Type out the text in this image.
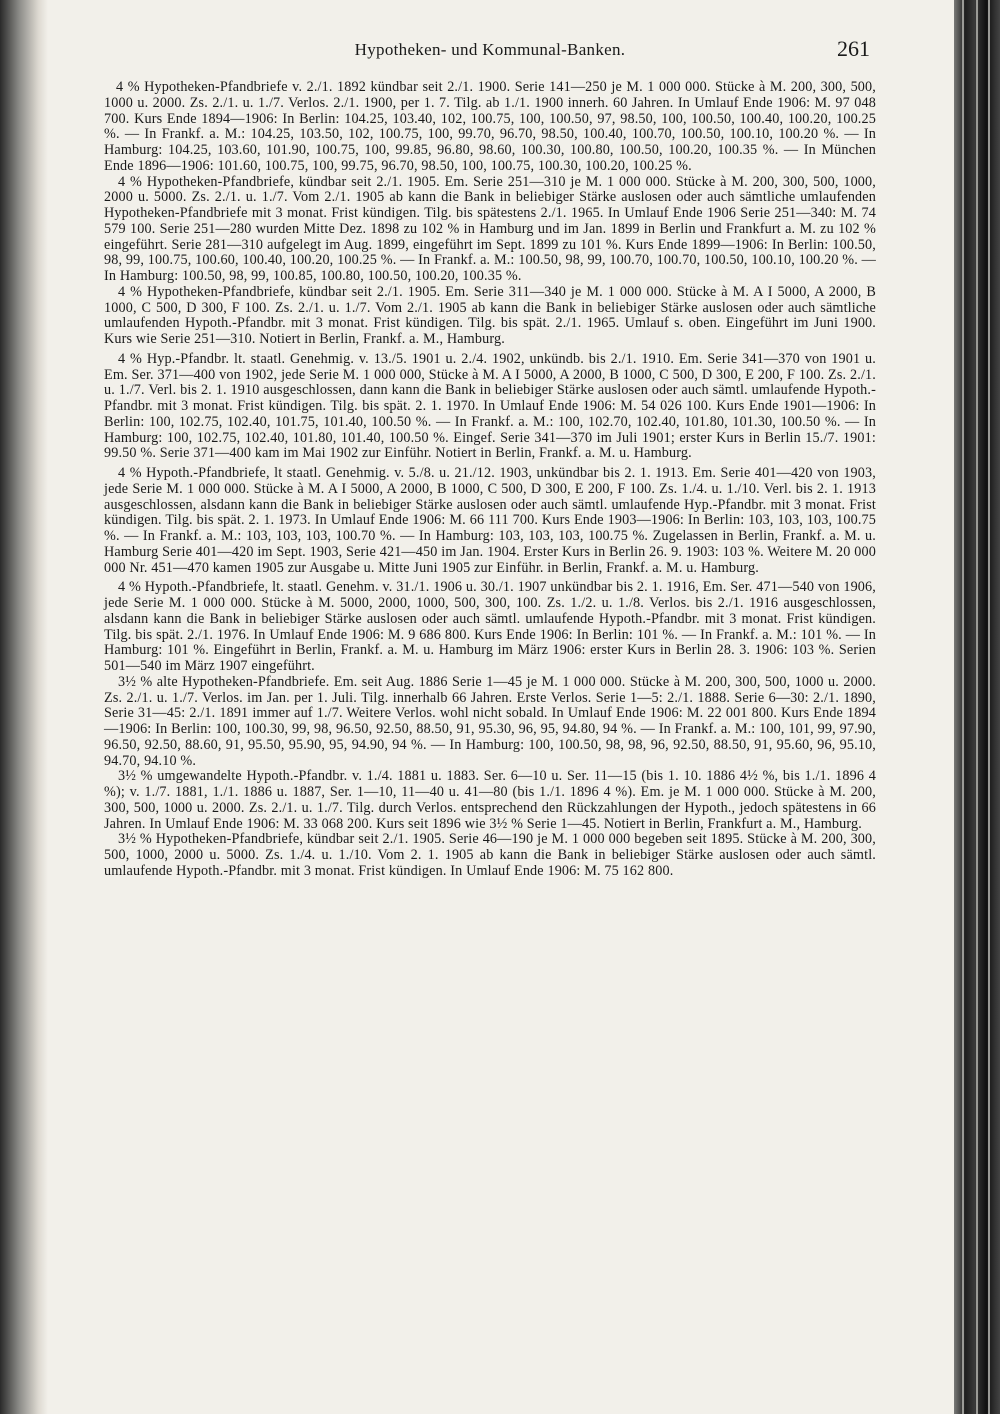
Hypotheken- und Kommunal-Banken.	261

4 % Hypotheken-Pfandbriefe v. 2./1. 1892 kündbar seit 2./1. 1900. Serie 141—250 je M. 1 000 000. Stücke à M. 200, 300, 500, 1000 u. 2000. Zs. 2./1. u. 1./7. Verlos. 2./1. 1900, per 1. 7. Tilg. ab 1./1. 1900 innerh. 60 Jahren. In Umlauf Ende 1906: M. 97 048 700. Kurs Ende 1894—1906: In Berlin: 104.25, 103.40, 102, 100.75, 100, 100.50, 97, 98.50, 100, 100.50, 100.40, 100.20, 100.25 %. — In Frankf. a. M.: 104.25, 103.50, 102, 100.75, 100, 99.70, 96.70, 98.50, 100.40, 100.70, 100.50, 100.10, 100.20 %. — In Hamburg: 104.25, 103.60, 101.90, 100.75, 100, 99.85, 96.80, 98.60, 100.30, 100.80, 100.50, 100.20, 100.35 %. — In München Ende 1896—1906: 101.60, 100.75, 100, 99.75, 96.70, 98.50, 100, 100.75, 100.30, 100.20, 100.25 %.

4 % Hypotheken-Pfandbriefe, kündbar seit 2./1. 1905. Em. Serie 251—310 je M. 1 000 000. Stücke à M. 200, 300, 500, 1000, 2000 u. 5000. Zs. 2./1. u. 1./7. Vom 2./1. 1905 ab kann die Bank in beliebiger Stärke auslosen oder auch sämtliche umlaufenden Hypotheken-Pfandbriefe mit 3 monat. Frist kündigen. Tilg. bis spätestens 2./1. 1965. In Umlauf Ende 1906 Serie 251—340: M. 74 579 100. Serie 251—280 wurden Mitte Dez. 1898 zu 102 % in Hamburg und im Jan. 1899 in Berlin und Frankfurt a. M. zu 102 % eingeführt. Serie 281—310 aufgelegt im Aug. 1899, eingeführt im Sept. 1899 zu 101 %. Kurs Ende 1899—1906: In Berlin: 100.50, 98, 99, 100.75, 100.60, 100.40, 100.20, 100.25 %. — In Frankf. a. M.: 100.50, 98, 99, 100.70, 100.70, 100.50, 100.10, 100.20 %. — In Hamburg: 100.50, 98, 99, 100.85, 100.80, 100.50, 100.20, 100.35 %.

4 % Hypotheken-Pfandbriefe, kündbar seit 2./1. 1905. Em. Serie 311—340 je M. 1 000 000. Stücke à M. A I 5000, A 2000, B 1000, C 500, D 300, F 100. Zs. 2./1. u. 1./7. Vom 2./1. 1905 ab kann die Bank in beliebiger Stärke auslosen oder auch sämtliche umlaufenden Hypoth.-Pfandbr. mit 3 monat. Frist kündigen. Tilg. bis spät. 2./1. 1965. Umlauf s. oben. Eingeführt im Juni 1900. Kurs wie Serie 251—310. Notiert in Berlin, Frankf. a. M., Hamburg.

4 % Hyp.-Pfandbr. lt. staatl. Genehmig. v. 13./5. 1901 u. 2./4. 1902, unkündb. bis 2./1. 1910. Em. Serie 341—370 von 1901 u. Em. Ser. 371—400 von 1902, jede Serie M. 1 000 000, Stücke à M. A I 5000, A 2000, B 1000, C 500, D 300, E 200, F 100. Zs. 2./1. u. 1./7. Verl. bis 2. 1. 1910 ausgeschlossen, dann kann die Bank in beliebiger Stärke auslosen oder auch sämtl. umlaufende Hypoth.-Pfandbr. mit 3 monat. Frist kündigen. Tilg. bis spät. 2. 1. 1970. In Umlauf Ende 1906: M. 54 026 100. Kurs Ende 1901—1906: In Berlin: 100, 102.75, 102.40, 101.75, 101.40, 100.50 %. — In Frankf. a. M.: 100, 102.70, 102.40, 101.80, 101.30, 100.50 %. — In Hamburg: 100, 102.75, 102.40, 101.80, 101.40, 100.50 %. Eingef. Serie 341—370 im Juli 1901; erster Kurs in Berlin 15./7. 1901: 99.50 %. Serie 371—400 kam im Mai 1902 zur Einführ. Notiert in Berlin, Frankf. a. M. u. Hamburg.

4 % Hypoth.-Pfandbriefe, lt staatl. Genehmig. v. 5./8. u. 21./12. 1903, unkündbar bis 2. 1. 1913. Em. Serie 401—420 von 1903, jede Serie M. 1 000 000. Stücke à M. A I 5000, A 2000, B 1000, C 500, D 300, E 200, F 100. Zs. 1./4. u. 1./10. Verl. bis 2. 1. 1913 ausgeschlossen, alsdann kann die Bank in beliebiger Stärke auslosen oder auch sämtl. umlaufende Hyp.-Pfandbr. mit 3 monat. Frist kündigen. Tilg. bis spät. 2. 1. 1973. In Umlauf Ende 1906: M. 66 111 700. Kurs Ende 1903—1906: In Berlin: 103, 103, 103, 100.75 %. — In Frankf. a. M.: 103, 103, 103, 100.70 %. — In Hamburg: 103, 103, 103, 100.75 %. Zugelassen in Berlin, Frankf. a. M. u. Hamburg Serie 401—420 im Sept. 1903, Serie 421—450 im Jan. 1904. Erster Kurs in Berlin 26. 9. 1903: 103 %. Weitere M. 20 000 000 Nr. 451—470 kamen 1905 zur Ausgabe u. Mitte Juni 1905 zur Einführ. in Berlin, Frankf. a. M. u. Hamburg.

4 % Hypoth.-Pfandbriefe, lt. staatl. Genehm. v. 31./1. 1906 u. 30./1. 1907 unkündbar bis 2. 1. 1916, Em. Ser. 471—540 von 1906, jede Serie M. 1 000 000. Stücke à M. 5000, 2000, 1000, 500, 300, 100. Zs. 1./2. u. 1./8. Verlos. bis 2./1. 1916 ausgeschlossen, alsdann kann die Bank in beliebiger Stärke auslosen oder auch sämtl. umlaufende Hypoth.-Pfandbr. mit 3 monat. Frist kündigen. Tilg. bis spät. 2./1. 1976. In Umlauf Ende 1906: M. 9 686 800. Kurs Ende 1906: In Berlin: 101 %. — In Frankf. a. M.: 101 %. — In Hamburg: 101 %. Eingeführt in Berlin, Frankf. a. M. u. Hamburg im März 1906: erster Kurs in Berlin 28. 3. 1906: 103 %. Serien 501—540 im März 1907 eingeführt.

3½ % alte Hypotheken-Pfandbriefe. Em. seit Aug. 1886 Serie 1—45 je M. 1 000 000. Stücke à M. 200, 300, 500, 1000 u. 2000. Zs. 2./1. u. 1./7. Verlos. im Jan. per 1. Juli. Tilg. innerhalb 66 Jahren. Erste Verlos. Serie 1—5: 2./1. 1888. Serie 6—30: 2./1. 1890, Serie 31—45: 2./1. 1891 immer auf 1./7. Weitere Verlos. wohl nicht sobald. In Umlauf Ende 1906: M. 22 001 800. Kurs Ende 1894—1906: In Berlin: 100, 100.30, 99, 98, 96.50, 92.50, 88.50, 91, 95.30, 96, 95, 94.80, 94 %. — In Frankf. a. M.: 100, 101, 99, 97.90, 96.50, 92.50, 88.60, 91, 95.50, 95.90, 95, 94.90, 94 %. — In Hamburg: 100, 100.50, 98, 98, 96, 92.50, 88.50, 91, 95.60, 96, 95.10, 94.70, 94.10 %.

3½ % umgewandelte Hypoth.-Pfandbr. v. 1./4. 1881 u. 1883. Ser. 6—10 u. Ser. 11—15 (bis 1. 10. 1886 4½ %, bis 1./1. 1896 4 %); v. 1./7. 1881, 1./1. 1886 u. 1887, Ser. 1—10, 11—40 u. 41—80 (bis 1./1. 1896 4 %). Em. je M. 1 000 000. Stücke à M. 200, 300, 500, 1000 u. 2000. Zs. 2./1. u. 1./7. Tilg. durch Verlos. entsprechend den Rückzahlungen der Hypoth., jedoch spätestens in 66 Jahren. In Umlauf Ende 1906: M. 33 068 200. Kurs seit 1896 wie 3½ % Serie 1—45. Notiert in Berlin, Frankfurt a. M., Hamburg.

3½ % Hypotheken-Pfandbriefe, kündbar seit 2./1. 1905. Serie 46—190 je M. 1 000 000 begeben seit 1895. Stücke à M. 200, 300, 500, 1000, 2000 u. 5000. Zs. 1./4. u. 1./10. Vom 2. 1. 1905 ab kann die Bank in beliebiger Stärke auslosen oder auch sämtl. umlaufende Hypoth.-Pfandbr. mit 3 monat. Frist kündigen. In Umlauf Ende 1906: M. 75 162 800.
